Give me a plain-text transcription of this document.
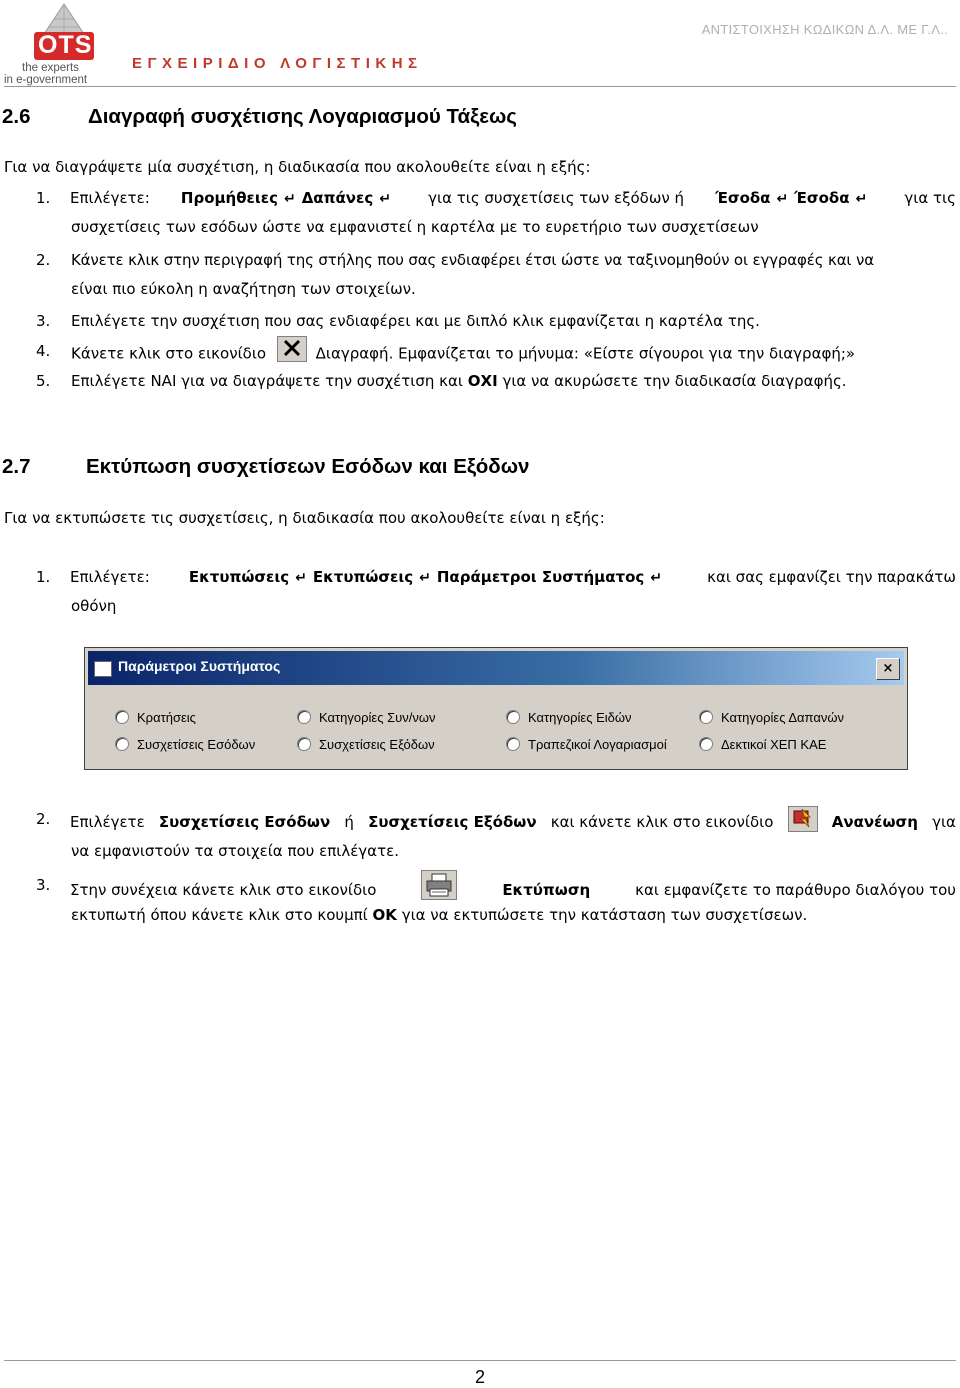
OTS
the experts
in e-government
ΕΓΧΕΙΡΙΔΙΟ ΛΟΓΙΣΤΙΚΗΣ
ΑΝΤΙΣΤΟΙΧΗΣΗ ΚΩΔΙΚΩΝ Δ.Λ. ΜΕ Γ.Λ..
2.6	Διαγραφή συσχέτισης Λογαριασμού Τάξεως
Για να διαγράψετε μία συσχέτιση, η διαδικασία που ακολουθείτε είναι η εξής:
1.	Επιλέγετε: Προμήθειες ↵ Δαπάνες ↵	για τις συσχετίσεις των εξόδων ή Έσοδα ↵ Έσοδα ↵	για τις
συσχετίσεις των εσόδων ώστε να εμφανιστεί η καρτέλα με το ευρετήριο των συσχετίσεων
2.	Κάνετε κλικ στην περιγραφή της στήλης που σας ενδιαφέρει έτσι ώστε να ταξινομηθούν οι εγγραφές και να
είναι πιο εύκολη η αναζήτηση των στοιχείων.
3.	Επιλέγετε την συσχέτιση που σας ενδιαφέρει και με διπλό κλικ εμφανίζεται η καρτέλα της.
4.	Κάνετε κλικ στο εικονίδιο	Διαγραφή. Εμφανίζεται το μήνυμα: «Είστε σίγουροι για την διαγραφή;»
5.	Επιλέγετε ΝΑΙ για να διαγράψετε την συσχέτιση και ΟΧΙ για να ακυρώσετε την διαδικασία διαγραφής.
2.7	Εκτύπωση συσχετίσεων Εσόδων και Εξόδων
Για να εκτυπώσετε τις συσχετίσεις, η διαδικασία που ακολουθείτε είναι η εξής:
1.	Επιλέγετε:	Εκτυπώσεις ↵ Εκτυπώσεις ↵ Παράμετροι Συστήματος ↵	και σας εμφανίζει την παρακάτω
οθόνη
Παράμετροι Συστήματος	×
Κρατήσεις	Κατηγορίες Συν/νων	Κατηγορίες Ειδών	Κατηγορίες Δαπανών
Συσχετίσεις Εσόδων	Συσχετίσεις Εξόδων	Τραπεζικοί Λογαριασμοί	Δεκτικοί ΧΕΠ ΚΑΕ
2.	Επιλέγετε Συσχετίσεις Εσόδων ή Συσχετίσεις Εξόδων και κάνετε κλικ στο εικονίδιο	Ανανέωση για
να εμφανιστούν τα στοιχεία που επιλέγατε.
3.	Στην συνέχεια κάνετε κλικ στο εικονίδιο	Εκτύπωση	και εμφανίζετε το παράθυρο διαλόγου του
εκτυπωτή όπου κάνετε κλικ στο κουμπί OK για να εκτυπώσετε την κατάσταση των συσχετίσεων.
2
